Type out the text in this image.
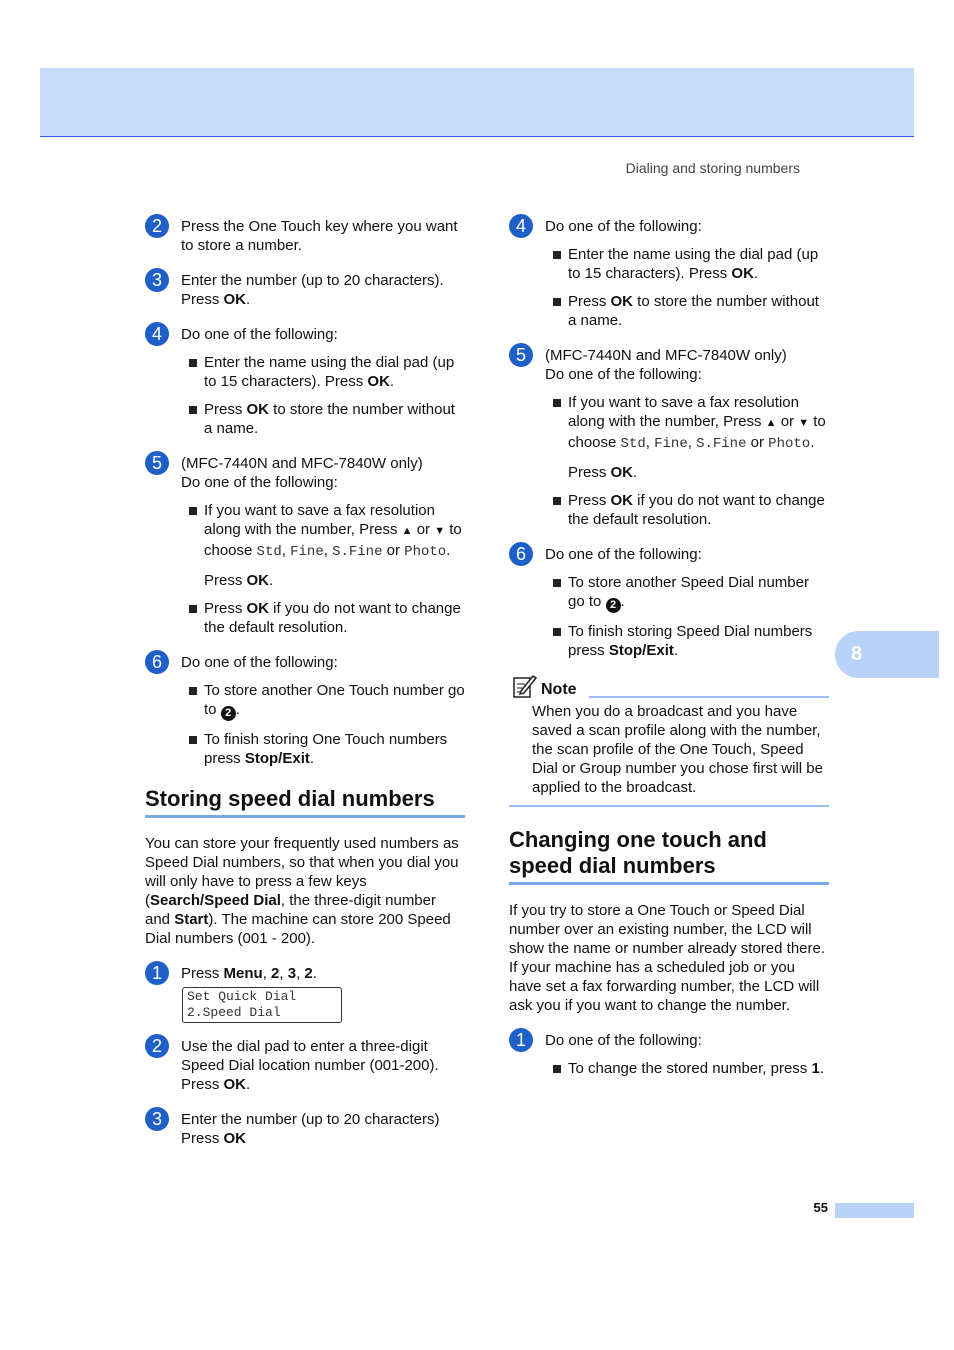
Dialing and storing numbers
8
2	Press the One Touch key where you want to store a number.
3	Enter the number (up to 20 characters). Press OK.
4	Do one of the following:
Enter the name using the dial pad (up to 15 characters). Press OK.
Press OK to store the number without a name.
5	(MFC-7440N and MFC-7840W only)
Do one of the following:
If you want to save a fax resolution along with the number, Press ▲ or ▼ to choose Std, Fine, S.Fine or Photo.
Press OK.
Press OK if you do not want to change the default resolution.
6	Do one of the following:
To store another One Touch number go to 2 .
To finish storing One Touch numbers press Stop/Exit.
Storing speed dial numbers
You can store your frequently used numbers as Speed Dial numbers, so that when you dial you will only have to press a few keys (Search/Speed Dial, the three-digit number and Start). The machine can store 200 Speed Dial numbers (001 - 200).
1	Press Menu, 2, 3, 2.
Set Quick Dial
2.Speed Dial
2	Use the dial pad to enter a three-digit Speed Dial location number (001-200). Press OK.
3	Enter the number (up to 20 characters) Press OK
4	Do one of the following:
Enter the name using the dial pad (up to 15 characters). Press OK.
Press OK to store the number without a name.
5	(MFC-7440N and MFC-7840W only)
Do one of the following:
If you want to save a fax resolution along with the number, Press ▲ or ▼ to choose Std, Fine, S.Fine or Photo.
Press OK.
Press OK if you do not want to change the default resolution.
6	Do one of the following:
To store another Speed Dial number go to 2 .
To finish storing Speed Dial numbers press Stop/Exit.
Note
When you do a broadcast and you have saved a scan profile along with the number, the scan profile of the One Touch, Speed Dial or Group number you chose first will be applied to the broadcast.
Changing one touch and speed dial numbers
If you try to store a One Touch or Speed Dial number over an existing number, the LCD will show the name or number already stored there. If your machine has a scheduled job or you have set a fax forwarding number, the LCD will ask you if you want to change the number.
1	Do one of the following:
To change the stored number, press 1.
55
